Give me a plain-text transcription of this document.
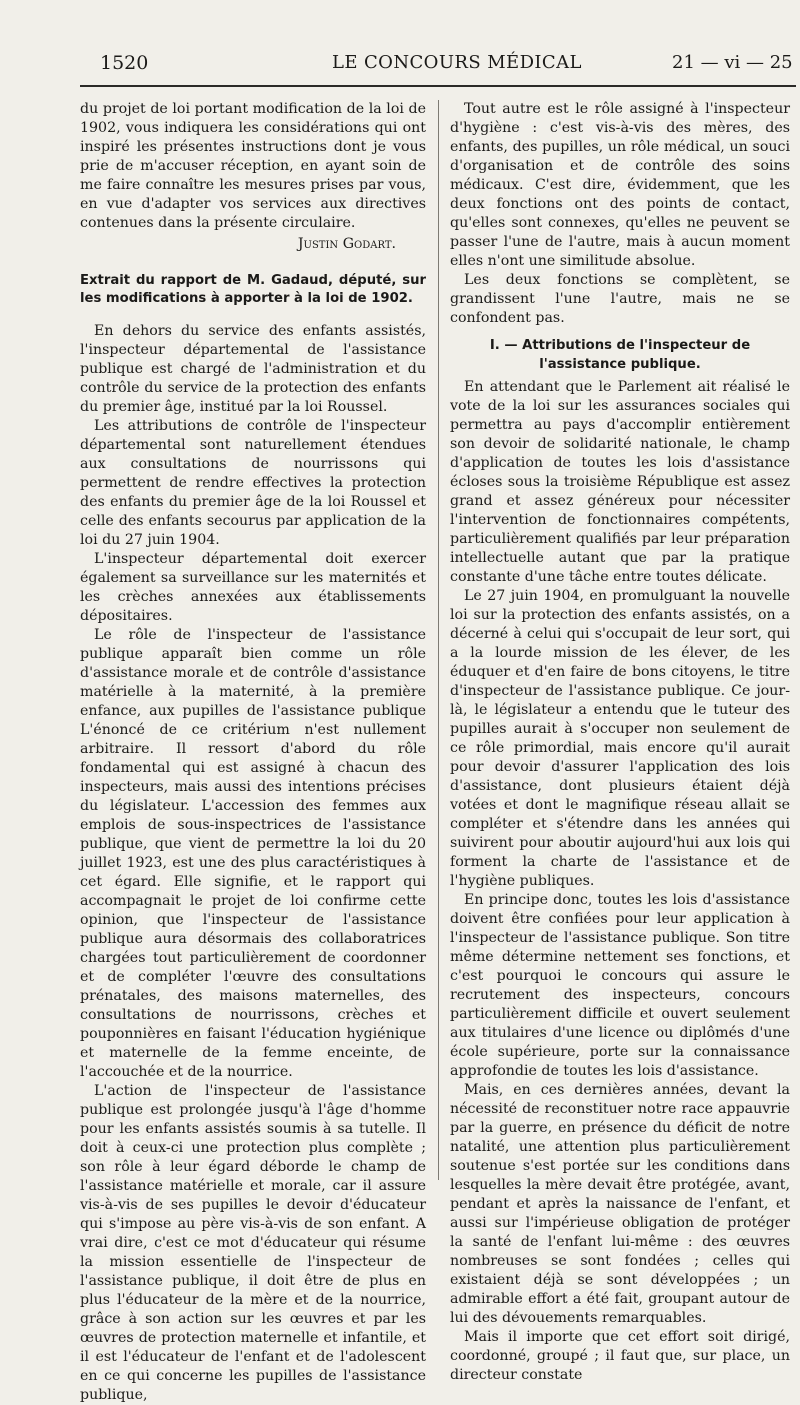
1520	LE CONCOURS MÉDICAL	21 — vi — 25

du projet de loi portant modification de la loi de 1902, vous indiquera les considérations qui ont inspiré les présentes instructions dont je vous prie de m'accuser réception, en ayant soin de me faire connaître les mesures prises par vous, en vue d'adapter vos services aux directives contenues dans la présente circulaire.

Justin Godart.

Extrait du rapport de M. Gadaud, député, sur les modifications à apporter à la loi de 1902.

En dehors du service des enfants assistés, l'inspecteur départemental de l'assistance publique est chargé de l'administration et du contrôle du service de la protection des enfants du premier âge, institué par la loi Roussel.

Les attributions de contrôle de l'inspecteur départemental sont naturellement étendues aux consultations de nourrissons qui permettent de rendre effectives la protection des enfants du premier âge de la loi Roussel et celle des enfants secourus par application de la loi du 27 juin 1904.

L'inspecteur départemental doit exercer également sa surveillance sur les maternités et les crèches annexées aux établissements dépositaires.

Le rôle de l'inspecteur de l'assistance publique apparaît bien comme un rôle d'assistance morale et de contrôle d'assistance matérielle à la maternité, à la première enfance, aux pupilles de l'assistance publique L'énoncé de ce critérium n'est nullement arbitraire. Il ressort d'abord du rôle fondamental qui est assigné à chacun des inspecteurs, mais aussi des intentions précises du législateur. L'accession des femmes aux emplois de sous-inspectrices de l'assistance publique, que vient de permettre la loi du 20 juillet 1923, est une des plus caractéristiques à cet égard. Elle signifie, et le rapport qui accompagnait le projet de loi confirme cette opinion, que l'inspecteur de l'assistance publique aura désormais des collaboratrices chargées tout particulièrement de coordonner et de compléter l'œuvre des consultations prénatales, des maisons maternelles, des consultations de nourrissons, crèches et pouponnières en faisant l'éducation hygiénique et maternelle de la femme enceinte, de l'accouchée et de la nourrice.

L'action de l'inspecteur de l'assistance publique est prolongée jusqu'à l'âge d'homme pour les enfants assistés soumis à sa tutelle. Il doit à ceux-ci une protection plus complète ; son rôle à leur égard déborde le champ de l'assistance matérielle et morale, car il assure vis-à-vis de ses pupilles le devoir d'éducateur qui s'impose au père vis-à-vis de son enfant. A vrai dire, c'est ce mot d'éducateur qui résume la mission essentielle de l'inspecteur de l'assistance publique, il doit être de plus en plus l'éducateur de la mère et de la nourrice, grâce à son action sur les œuvres et par les œuvres de protection maternelle et infantile, et il est l'éducateur de l'enfant et de l'adolescent en ce qui concerne les pupilles de l'assistance publique,

Tout autre est le rôle assigné à l'inspecteur d'hygiène : c'est vis-à-vis des mères, des enfants, des pupilles, un rôle médical, un souci d'organisation et de contrôle des soins médicaux. C'est dire, évidemment, que les deux fonctions ont des points de contact, qu'elles sont connexes, qu'elles ne peuvent se passer l'une de l'autre, mais à aucun moment elles n'ont une similitude absolue.

Les deux fonctions se complètent, se grandissent l'une l'autre, mais ne se confondent pas.

I. — Attributions de l'inspecteur de l'assistance publique.

En attendant que le Parlement ait réalisé le vote de la loi sur les assurances sociales qui permettra au pays d'accomplir entièrement son devoir de solidarité nationale, le champ d'application de toutes les lois d'assistance écloses sous la troisième République est assez grand et assez généreux pour nécessiter l'intervention de fonctionnaires compétents, particulièrement qualifiés par leur préparation intellectuelle autant que par la pratique constante d'une tâche entre toutes délicate.

Le 27 juin 1904, en promulguant la nouvelle loi sur la protection des enfants assistés, on a décerné à celui qui s'occupait de leur sort, qui a la lourde mission de les élever, de les éduquer et d'en faire de bons citoyens, le titre d'inspecteur de l'assistance publique. Ce jour-là, le législateur a entendu que le tuteur des pupilles aurait à s'occuper non seulement de ce rôle primordial, mais encore qu'il aurait pour devoir d'assurer l'application des lois d'assistance, dont plusieurs étaient déjà votées et dont le magnifique réseau allait se compléter et s'étendre dans les années qui suivirent pour aboutir aujourd'hui aux lois qui forment la charte de l'assistance et de l'hygiène publiques.

En principe donc, toutes les lois d'assistance doivent être confiées pour leur application à l'inspecteur de l'assistance publique. Son titre même détermine nettement ses fonctions, et c'est pourquoi le concours qui assure le recrutement des inspecteurs, concours particulièrement difficile et ouvert seulement aux titulaires d'une licence ou diplômés d'une école supérieure, porte sur la connaissance approfondie de toutes les lois d'assistance.

Mais, en ces dernières années, devant la nécessité de reconstituer notre race appauvrie par la guerre, en présence du déficit de notre natalité, une attention plus particulièrement soutenue s'est portée sur les conditions dans lesquelles la mère devait être protégée, avant, pendant et après la naissance de l'enfant, et aussi sur l'impérieuse obligation de protéger la santé de l'enfant lui-même : des œuvres nombreuses se sont fondées ; celles qui existaient déjà se sont développées ; un admirable effort a été fait, groupant autour de lui des dévouements remarquables.

Mais il importe que cet effort soit dirigé, coordonné, groupé ; il faut que, sur place, un directeur constate
